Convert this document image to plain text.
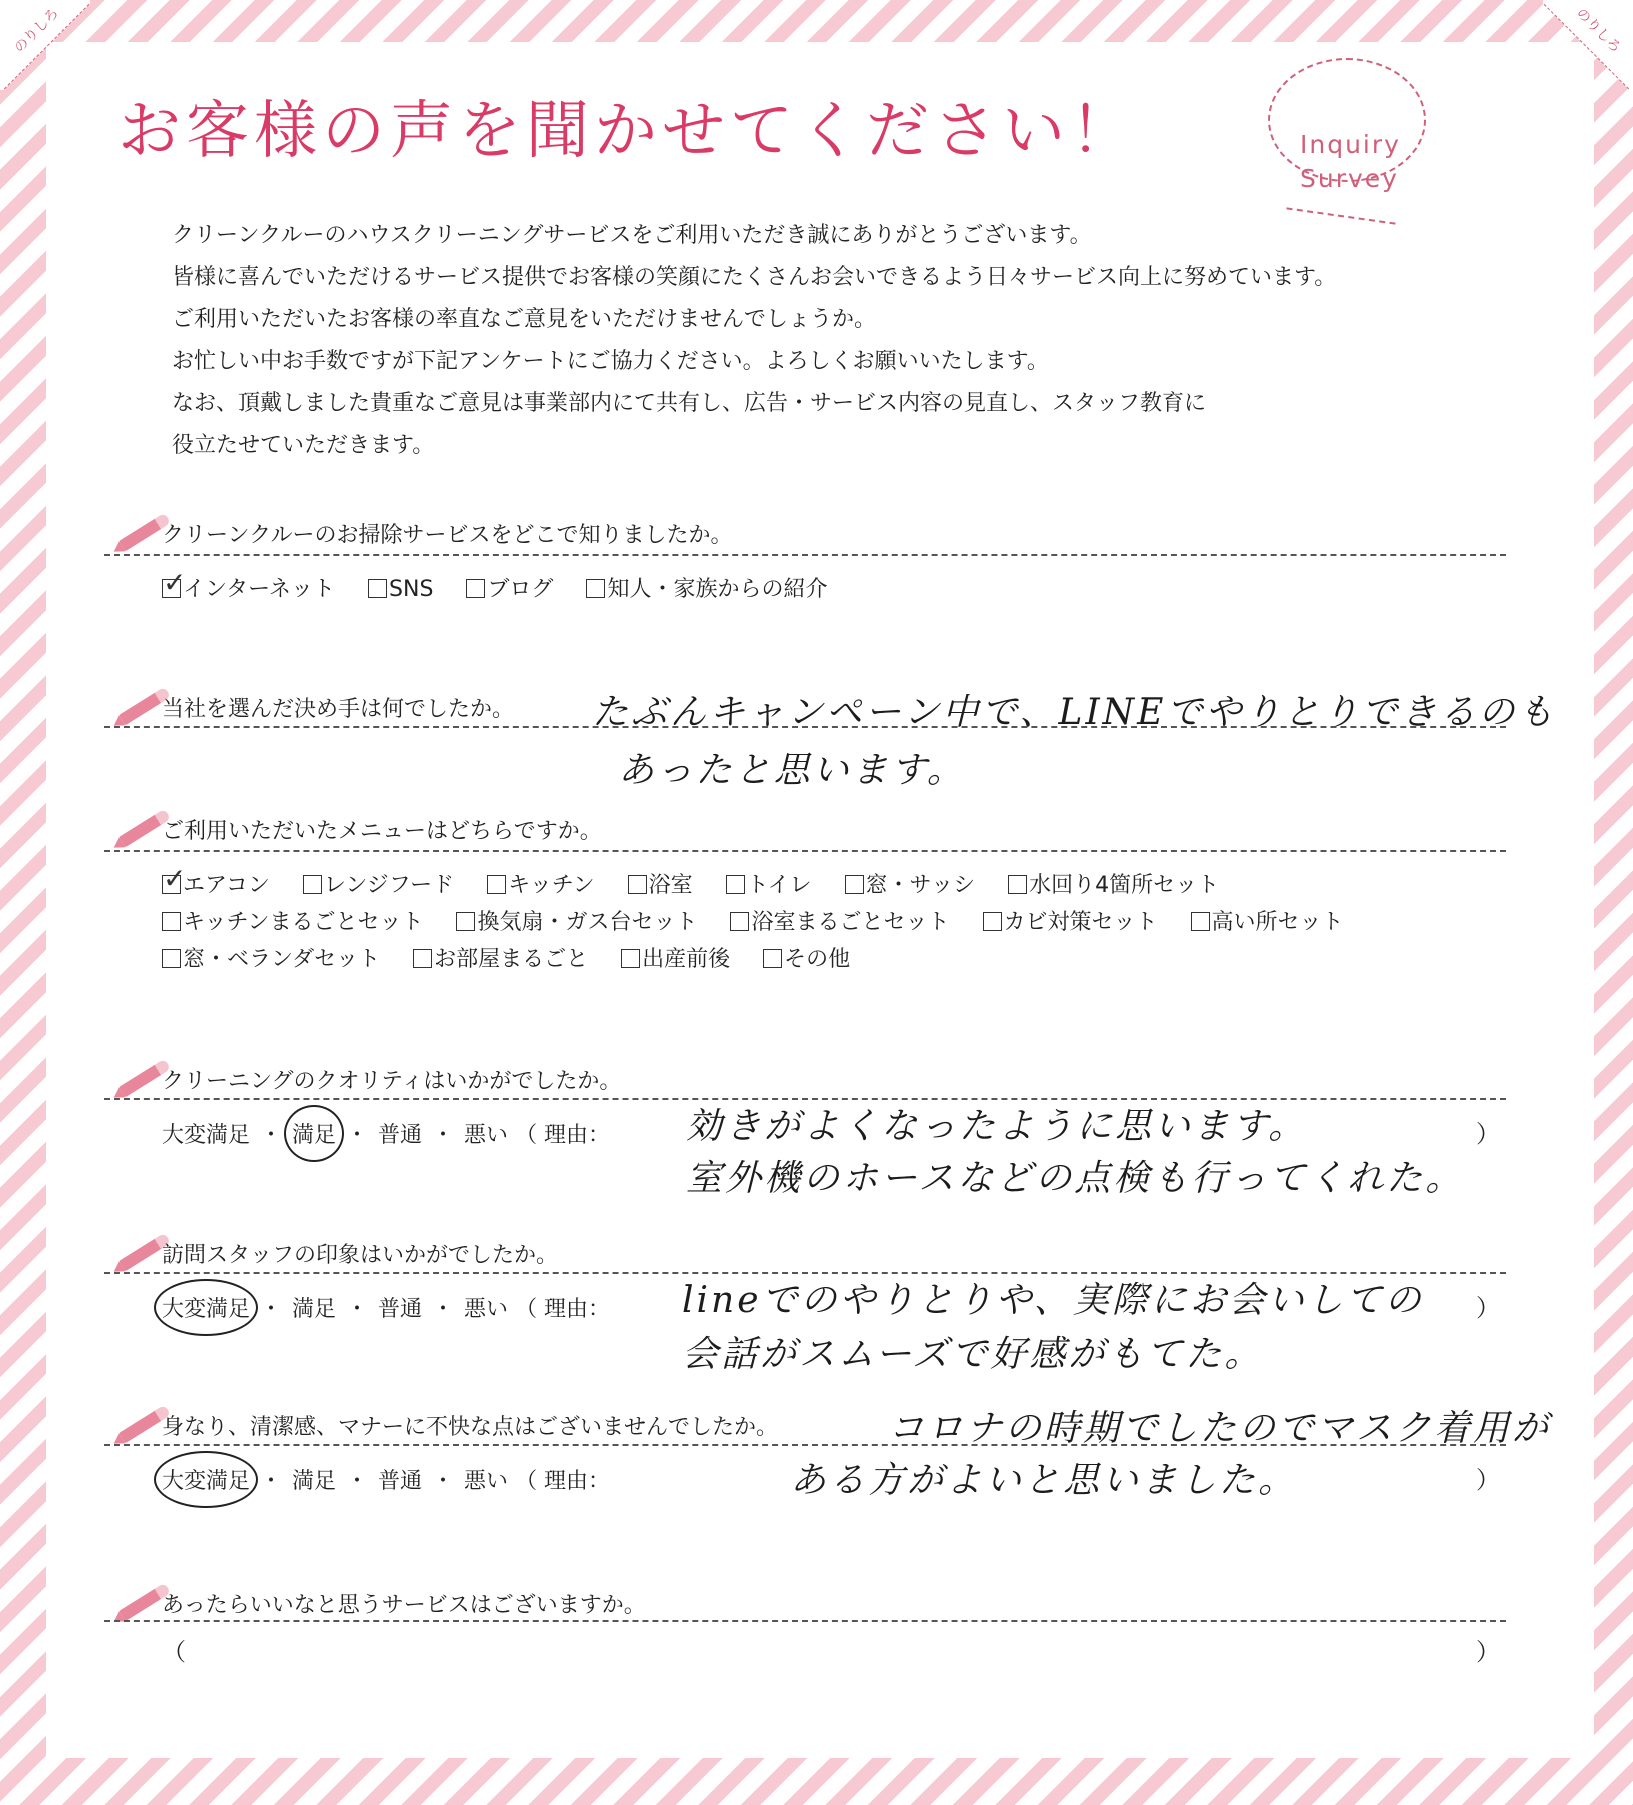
のりしろ	のりしろ
お客様の声を聞かせてください！	Inquiry
Survey
クリーンクルーのハウスクリーニングサービスをご利用いただき誠にありがとうございます。
皆様に喜んでいただけるサービス提供でお客様の笑顔にたくさんお会いできるよう日々サービス向上に努めています。
ご利用いただいたお客様の率直なご意見をいただけませんでしょうか。
お忙しい中お手数ですが下記アンケートにご協力ください。よろしくお願いいたします。
なお、頂戴しました貴重なご意見は事業部内にて共有し、広告・サービス内容の見直し、スタッフ教育に
役立たせていただきます。
クリーンクルーのお掃除サービスをどこで知りましたか。
✓インターネット SNS ブログ 知人・家族からの紹介
当社を選んだ決め手は何でしたか。 たぶんキャンペーン中で、LINEでやりとりできるのも
あったと思います。
ご利用いただいたメニューはどちらですか。
✓エアコン レンジフード キッチン 浴室 トイレ 窓・サッシ 水回り4箇所セット
キッチンまるごとセット 換気扇・ガス台セット 浴室まるごとセット カビ対策セット 高い所セット
窓・ベランダセット お部屋まるごと 出産前後 その他
クリーニングのクオリティはいかがでしたか。
大変満足 ・ 満足 ・ 普通 ・ 悪い （ 理由：	）
効きがよくなったように思います。
室外機のホースなどの点検も行ってくれた。
訪問スタッフの印象はいかがでしたか。
大変満足 ・ 満足 ・ 普通 ・ 悪い （ 理由：	）
lineでのやりとりや、実際にお会いしての
会話がスムーズで好感がもてた。
身なり、清潔感、マナーに不快な点はございませんでしたか。	コロナの時期でしたのでマスク着用が
大変満足 ・ 満足 ・ 普通 ・ 悪い （ 理由：	）
ある方がよいと思いました。
あったらいいなと思うサービスはございますか。
（	）
